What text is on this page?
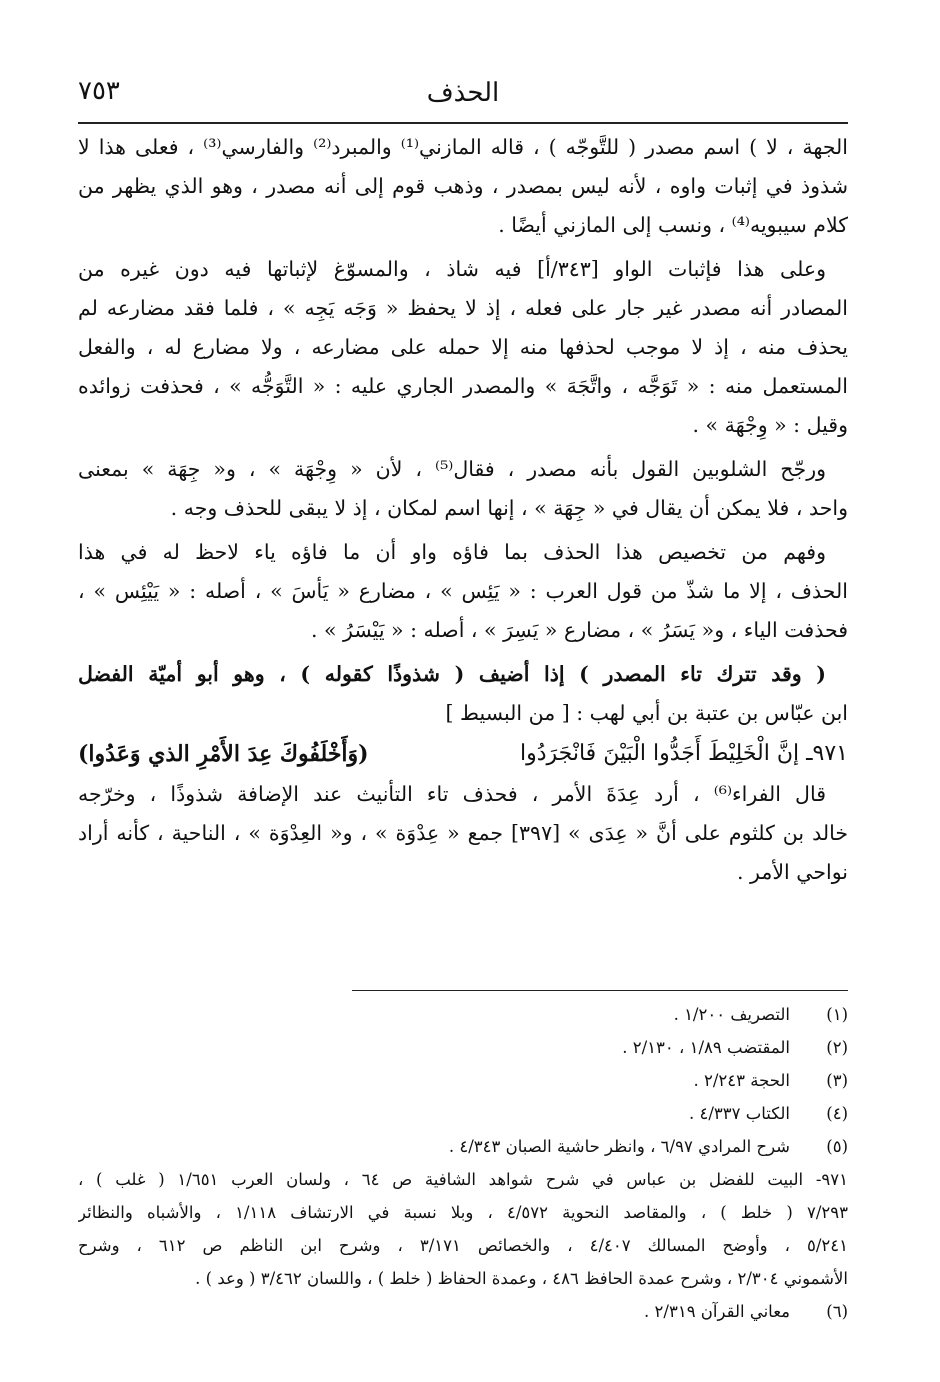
الحذف
٧٥٣
الجهة ، لا ) اسم مصدر ( للتَّوجّه ) ، قاله المازني⁽¹⁾ والمبرد⁽²⁾ والفارسي⁽³⁾ ، فعلى هذا لا
شذوذ في إثبات واوه ، لأنه ليس بمصدر ، وذهب قوم إلى أنه مصدر ، وهو الذي يظهر من
كلام سيبويه⁽⁴⁾ ، ونسب إلى المازني أيضًا .
وعلى هذا فإثبات الواو [٣٤٣/أ] فيه شاذ ، والمسوّغ لإثباتها فيه دون غيره من
المصادر أنه مصدر غير جار على فعله ، إذ لا يحفظ « وَجَه يَجِه » ، فلما فقد مضارعه لم
يحذف منه ، إذ لا موجب لحذفها منه إلا حمله على مضارعه ، ولا مضارع له ، والفعل
المستعمل منه : « تَوَجَّه ، واتَّجَهَ » والمصدر الجاري عليه : « التَّوَجُّه » ، فحذفت زوائده
وقيل : « وِجْهَة » .
ورجّح الشلوبين القول بأنه مصدر ، فقال⁽⁵⁾ ، لأن « وِجْهَة » ، و« جِهَة » بمعنى
واحد ، فلا يمكن أن يقال في « جِهَة » ، إنها اسم لمكان ، إذ لا يبقى للحذف وجه .
وفهم من تخصيص هذا الحذف بما فاؤه واو أن ما فاؤه ياء لاحظ له في هذا
الحذف ، إلا ما شذّ من قول العرب : « يَئِس » ، مضارع « يَأسَ » ، أصله : « يَيْئِس » ،
فحذفت الياء ، و« يَسَرُ » ، مضارع « يَسِرَ » ، أصله : « يَيْسَرُ » .
( وقد تترك تاء المصدر ) إذا أضيف ( شذوذًا كقوله ) ، وهو أبو أميّة الفضل
ابن عبّاس بن عتبة بن أبي لهب : [ من البسيط ]
٩٧١ـ إنَّ الْخَلِيْطَ أَجَدُّوا الْبَيْنَ فَانْجَرَدُوا
(وَأَخْلَفُوكَ عِدَ الأَمْرِ الذي وَعَدُوا)
قال الفراء⁽⁶⁾ ، أرد عِدَةَ الأمر ، فحذف تاء التأنيث عند الإضافة شذوذًا ، وخرّجه
خالد بن كلثوم على أنَّ « عِدَى » [٣٩٧] جمع « عِدْوَة » ، و« العِدْوَة » ، الناحية ، كأنه أراد
نواحي الأمر .
(١)التصريف ١/٢٠٠ .
(٢)المقتضب ١/٨٩ ، ٢/١٣٠ .
(٣)الحجة ٢/٢٤٣ .
(٤)الكتاب ٤/٣٣٧ .
(٥)شرح المرادي ٦/٩٧ ، وانظر حاشية الصبان ٤/٣٤٣ .
٩٧١- البيت للفضل بن عباس في شرح شواهد الشافية ص ٦٤ ، ولسان العرب ١/٦٥١ ( غلب ) ،
٧/٢٩٣ ( خلط ) ، والمقاصد النحوية ٤/٥٧٢ ، وبلا نسبة في الارتشاف ١/١١٨ ، والأشباه والنظائر
٥/٢٤١ ، وأوضح المسالك ٤/٤٠٧ ، والخصائص ٣/١٧١ ، وشرح ابن الناظم ص ٦١٢ ، وشرح
الأشموني ٢/٣٠٤ ، وشرح عمدة الحافظ ٤٨٦ ، وعمدة الحفاظ ( خلط ) ، واللسان ٣/٤٦٢ ( وعد ) .
(٦)معاني القرآن ٢/٣١٩ .
